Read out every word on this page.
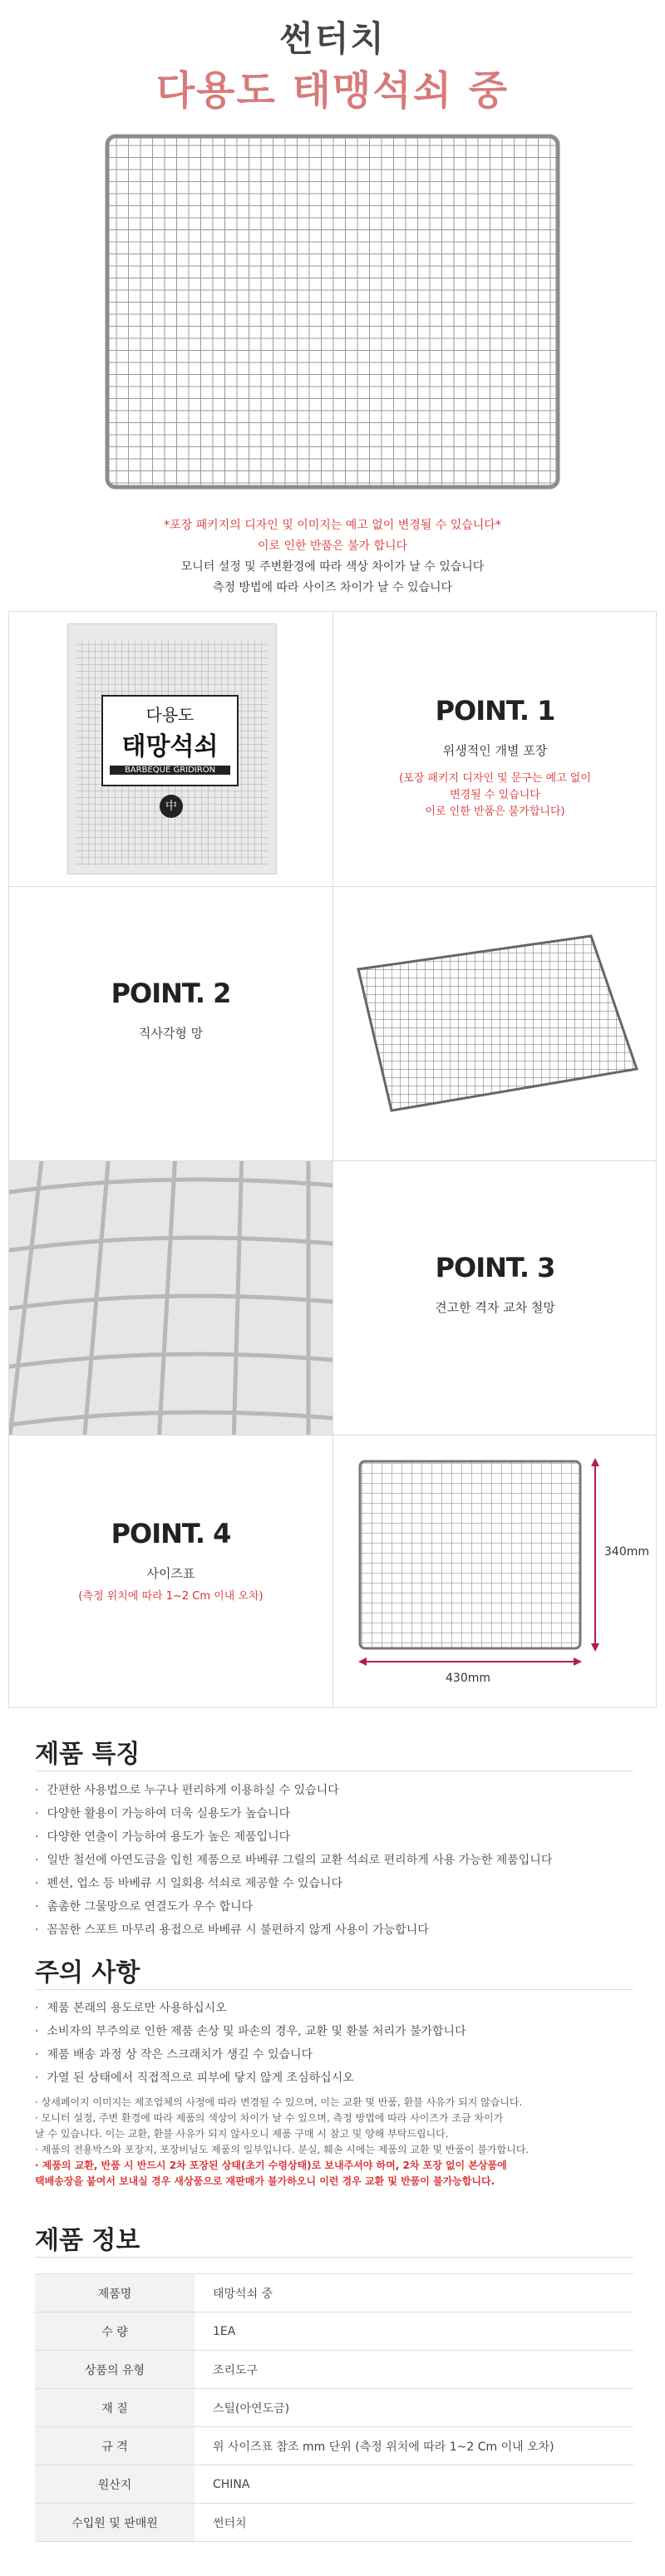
썬터치
다용도 태맹석쇠 중
*포장 패키지의 디자인 및 이미지는 예고 없이 변경될 수 있습니다*
이로 인한 반품은 불가 합니다
모니터 설정 및 주변환경에 따라 색상 차이가 날 수 있습니다
측정 방법에 따라 사이즈 차이가 날 수 있습니다
다용도
태망석쇠
BARBEQUE GRIDIRON
中
POINT. 1
위생적인 개별 포장
(포장 패키지 디자인 및 문구는 예고 없이
변경될 수 있습니다
이로 인한 반품은 불가합니다)
POINT. 2
직사각형 망
POINT. 3
견고한 격자 교차 철망
POINT. 4
사이즈표
(측정 위치에 따라 1~2 Cm 이내 오차)
340mm
430mm
제품 특징
· 간편한 사용법으로 누구나 편리하게 이용하실 수 있습니다
· 다양한 활용이 가능하여 더욱 실용도가 높습니다
· 다양한 연출이 가능하여 용도가 높은 제품입니다
· 일반 철선에 아연도금을 입힌 제품으로 바베큐 그릴의 교환 석쇠로 편리하게 사용 가능한 제품입니다
· 펜션, 업소 등 바베큐 시 일회용 석쇠로 제공할 수 있습니다
· 촘촘한 그물망으로 연결도가 우수 합니다
· 꼼꼼한 스포트 마무리 용접으로 바베큐 시 불편하지 않게 사용이 가능합니다
주의 사항
· 제품 본래의 용도로만 사용하십시오
· 소비자의 부주의로 인한 제품 손상 및 파손의 경우, 교환 및 환불 처리가 불가합니다
· 제품 배송 과정 상 작은 스크래치가 생길 수 있습니다
· 가열 된 상태에서 직접적으로 피부에 닿지 않게 조심하십시오
· 상세페이지 이미지는 제조업체의 사정에 따라 변경될 수 있으며, 이는 교환 및 반품, 환불 사유가 되지 않습니다.
· 모니터 설정, 주변 환경에 따라 제품의 색상이 차이가 날 수 있으며, 측정 방법에 따라 사이즈가 조금 차이가
날 수 있습니다. 이는 교환, 환불 사유가 되지 않사오니 제품 구매 시 참고 및 양해 부탁드립니다.
· 제품의 전용박스와 포장지, 포장비닐도 제품의 일부입니다. 분실, 훼손 시에는 제품의 교환 및 반품이 불가합니다.
· 제품의 교환, 반품 시 반드시 2차 포장된 상태(초기 수령상태)로 보내주셔야 하며, 2차 포장 없이 본상품에
택배송장을 붙여서 보내실 경우 새상품으로 재판매가 불가하오니 이런 경우 교환 및 반품이 불가능합니다.
제품 정보
제품명	태망석쇠 중
수 량	1EA
상품의 유형	조리도구
재 질	스틸(아연도금)
규 격	위 사이즈표 참조 mm 단위 (측정 위치에 따라 1~2 Cm 이내 오차)
원산지	CHINA
수입원 및 판매원	썬터치
